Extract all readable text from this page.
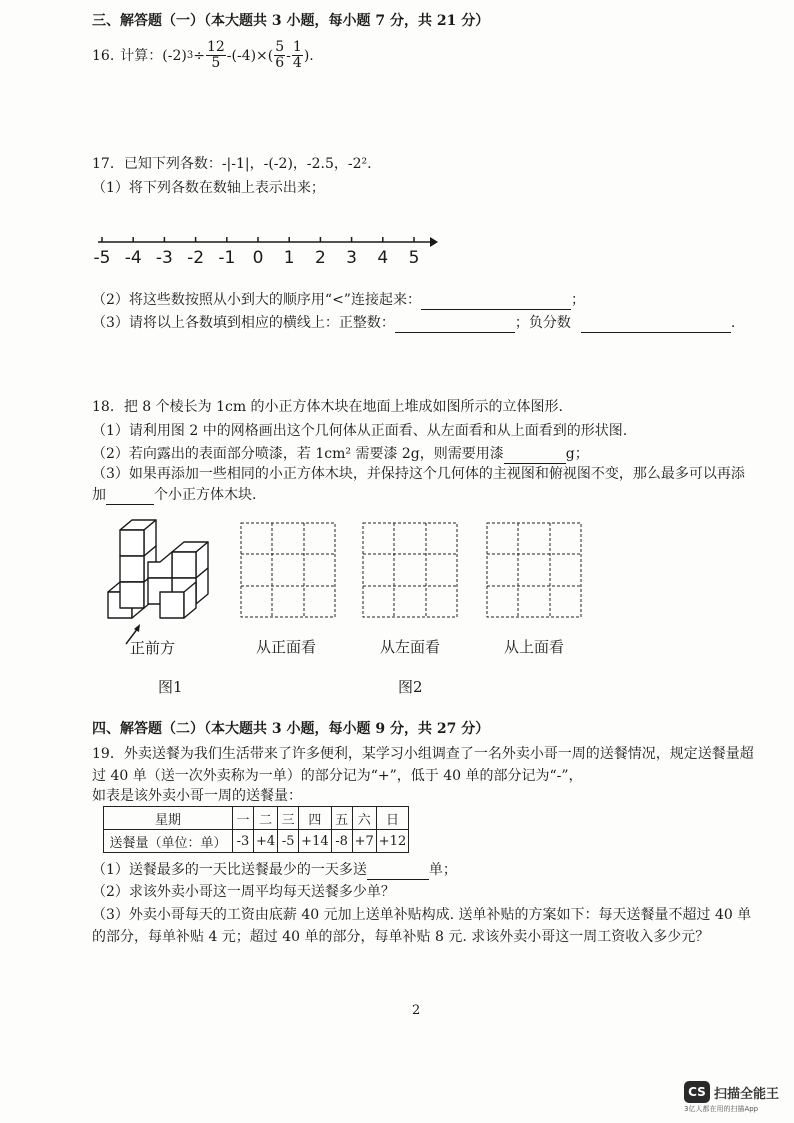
三、解答题（一）（本大题共 3 小题，每小题 7 分，共 21 分）
16. 计算： (-2) $3 \div \frac{12}{5} -(-4)\times( \frac{5}{6} - \frac{1}{4}$ ).
17．已知下列各数：-|-1|，-(-2)，-2.5，-2².
（1）将下列各数在数轴上表示出来；
-5 -4 -3 -2 -1	0	1	2	3	4	5
（2）将这些数按照从小到大的顺序用“<”连接起来：	；
（3）请将以上各数填到相应的横线上：正整数：	；负分数	.
18．把 8 个棱长为 1cm 的小正方体木块在地面上堆成如图所示的立体图形.
（1）请利用图 2 中的网格画出这个几何体从正面看、从左面看和从上面看到的形状图.
（2）若向露出的表面部分喷漆，若 1cm² 需要漆 2g，则需要用漆	g；
（3）如果再添加一些相同的小正方体木块，并保持这个几何体的主视图和俯视图不变，那么最多可以再添
加	个小正方体木块.
正前方
图1
从正面看	从左面看	从上面看
图2
四、解答题（二）（本大题共 3 小题，每小题 9 分，共 27 分）
19．外卖送餐为我们生活带来了许多便利，某学习小组调查了一名外卖小哥一周的送餐情况，规定送餐量超
过 40 单（送一次外卖称为一单）的部分记为“+”，低于 40 单的部分记为“-”，
如表是该外卖小哥一周的送餐量：
星期	一	二	三	四	五	六	日
送餐量（单位：单）	-3	+4	-5	+14	-8	+7	+12
（1）送餐最多的一天比送餐最少的一天多送	单；
（2）求该外卖小哥这一周平均每天送餐多少单？
（3）外卖小哥每天的工资由底薪 40 元加上送单补贴构成. 送单补贴的方案如下：每天送餐量不超过 40 单
的部分，每单补贴 4 元；超过 40 单的部分，每单补贴 8 元. 求该外卖小哥这一周工资收入多少元？
2
CS 扫描全能王
3亿人都在用的扫描App
